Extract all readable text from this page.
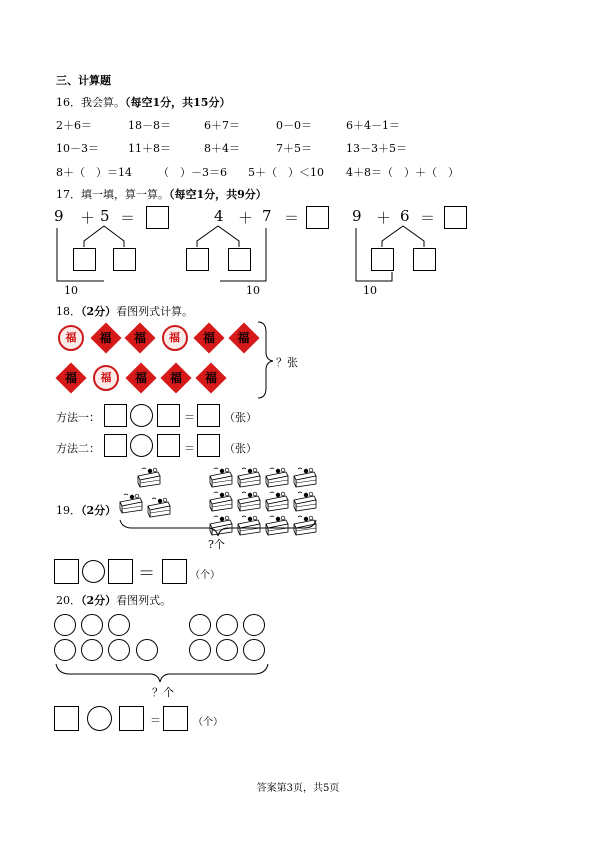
三、计算题
16．我会算。（每空1分，共15分）
2＋6＝	18－8＝	6＋7＝	0－0＝	6＋4－1＝
10－3＝	11＋8＝	8＋4＝	7＋5＝	13－3＋5＝
8＋（　）＝14 （　）－3＝6 5＋（　）＜10 4＋8＝（　）＋（　）
17．填一填，算一算。（每空1分，共9分）
9 ＋ 5 ＝
10
4 ＋ 7 ＝
10
9 ＋ 6 ＝
10
18．（2分）看图列式计算。
福	福	福	福	福	福
福	福	福	福	福
？张
方法一：	＝	（张）
方法二：	＝	（张）
19．（2分）
?个
＝	（个）
20．（2分）看图列式。
？个
＝	（个）
答案第3页，共5页
